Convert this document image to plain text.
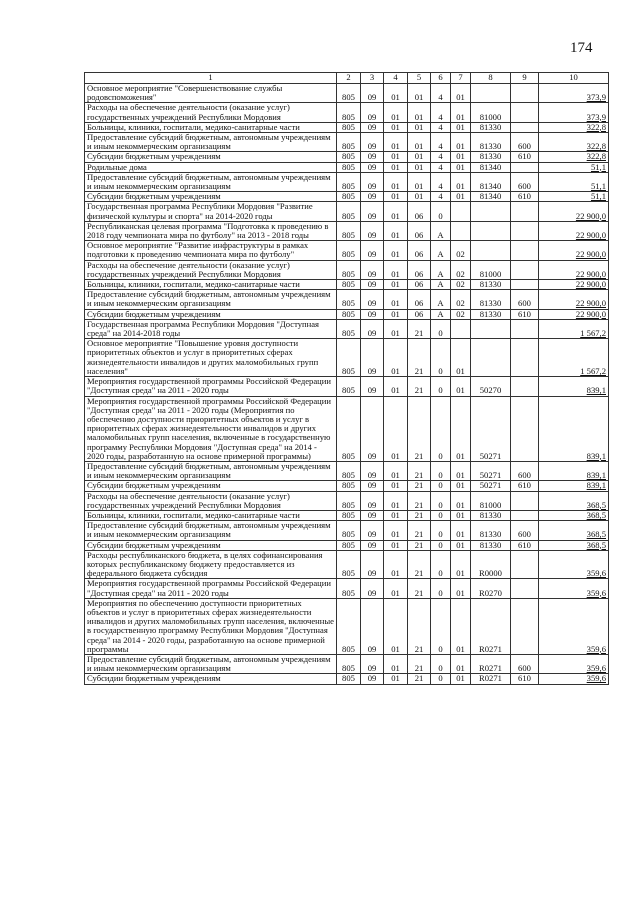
174
1	2	3	4	5	6	7	8	9	10
Основное мероприятие "Совершенствование службы родовспоможения"	805	09	01	01	4	01			373,9
Расходы на обеспечение деятельности (оказание услуг) государственных учреждений Республики Мордовия	805	09	01	01	4	01	81000		373,9
Больницы, клиники, госпитали, медико-санитарные части	805	09	01	01	4	01	81330		322,8
Предоставление субсидий бюджетным, автономным учреждениям и иным некоммерческим организациям	805	09	01	01	4	01	81330	600	322,8
Субсидии бюджетным учреждениям	805	09	01	01	4	01	81330	610	322,8
Родильные дома	805	09	01	01	4	01	81340		51,1
Предоставление субсидий бюджетным, автономным учреждениям и иным некоммерческим организациям	805	09	01	01	4	01	81340	600	51,1
Субсидии бюджетным учреждениям	805	09	01	01	4	01	81340	610	51,1
Государственная программа Республики Мордовия "Развитие физической культуры и спорта" на 2014-2020 годы	805	09	01	06	0				22 900,0
Республиканская целевая программа "Подготовка к проведению в 2018 году чемпионата мира по футболу" на 2013 - 2018 годы	805	09	01	06	А				22 900,0
Основное мероприятие "Развитие инфраструктуры в рамках подготовки к проведению чемпионата мира по футболу"	805	09	01	06	А	02			22 900,0
Расходы на обеспечение деятельности (оказание услуг) государственных учреждений Республики Мордовия	805	09	01	06	А	02	81000		22 900,0
Больницы, клиники, госпитали, медико-санитарные части	805	09	01	06	А	02	81330		22 900,0
Предоставление субсидий бюджетным, автономным учреждениям и иным некоммерческим организациям	805	09	01	06	А	02	81330	600	22 900,0
Субсидии бюджетным учреждениям	805	09	01	06	А	02	81330	610	22 900,0
Государственная программа Республики Мордовия "Доступная среда" на 2014-2018 годы	805	09	01	21	0				1 567,2
Основное мероприятие "Повышение уровня доступности приоритетных объектов и услуг в приоритетных сферах жизнедеятельности инвалидов и других маломобильных групп населения"	805	09	01	21	0	01			1 567,2
Мероприятия государственной программы Российской Федерации "Доступная среда" на 2011 - 2020 годы	805	09	01	21	0	01	50270		839,1
Мероприятия государственной программы Российской Федерации "Доступная среда" на 2011 - 2020 годы (Мероприятия по обеспечению доступности приоритетных объектов и услуг в приоритетных сферах жизнедеятельности инвалидов и других маломобильных групп населения, включенные в государственную программу Республики Мордовия "Доступная среда" на 2014 - 2020 годы, разработанную на основе примерной программы)	805	09	01	21	0	01	50271		839,1
Предоставление субсидий бюджетным, автономным учреждениям и иным некоммерческим организациям	805	09	01	21	0	01	50271	600	839,1
Субсидии бюджетным учреждениям	805	09	01	21	0	01	50271	610	839,1
Расходы на обеспечение деятельности (оказание услуг) государственных учреждений Республики Мордовия	805	09	01	21	0	01	81000		368,5
Больницы, клиники, госпитали, медико-санитарные части	805	09	01	21	0	01	81330		368,5
Предоставление субсидий бюджетным, автономным учреждениям и иным некоммерческим организациям	805	09	01	21	0	01	81330	600	368,5
Субсидии бюджетным учреждениям	805	09	01	21	0	01	81330	610	368,5
Расходы республиканского бюджета, в целях софинансирования которых республиканскому бюджету предоставляется из федерального бюджета субсидия	805	09	01	21	0	01	R0000		359,6
Мероприятия государственной программы Российской Федерации "Доступная среда" на 2011 - 2020 годы	805	09	01	21	0	01	R0270		359,6
Мероприятия по обеспечению доступности приоритетных объектов и услуг в приоритетных сферах жизнедеятельности инвалидов и других маломобильных групп населения, включенные в государственную программу Республики Мордовия "Доступная среда" на 2014 - 2020 годы, разработанную на основе примерной программы	805	09	01	21	0	01	R0271		359,6
Предоставление субсидий бюджетным, автономным учреждениям и иным некоммерческим организациям	805	09	01	21	0	01	R0271	600	359,6
Субсидии бюджетным учреждениям	805	09	01	21	0	01	R0271	610	359,6
